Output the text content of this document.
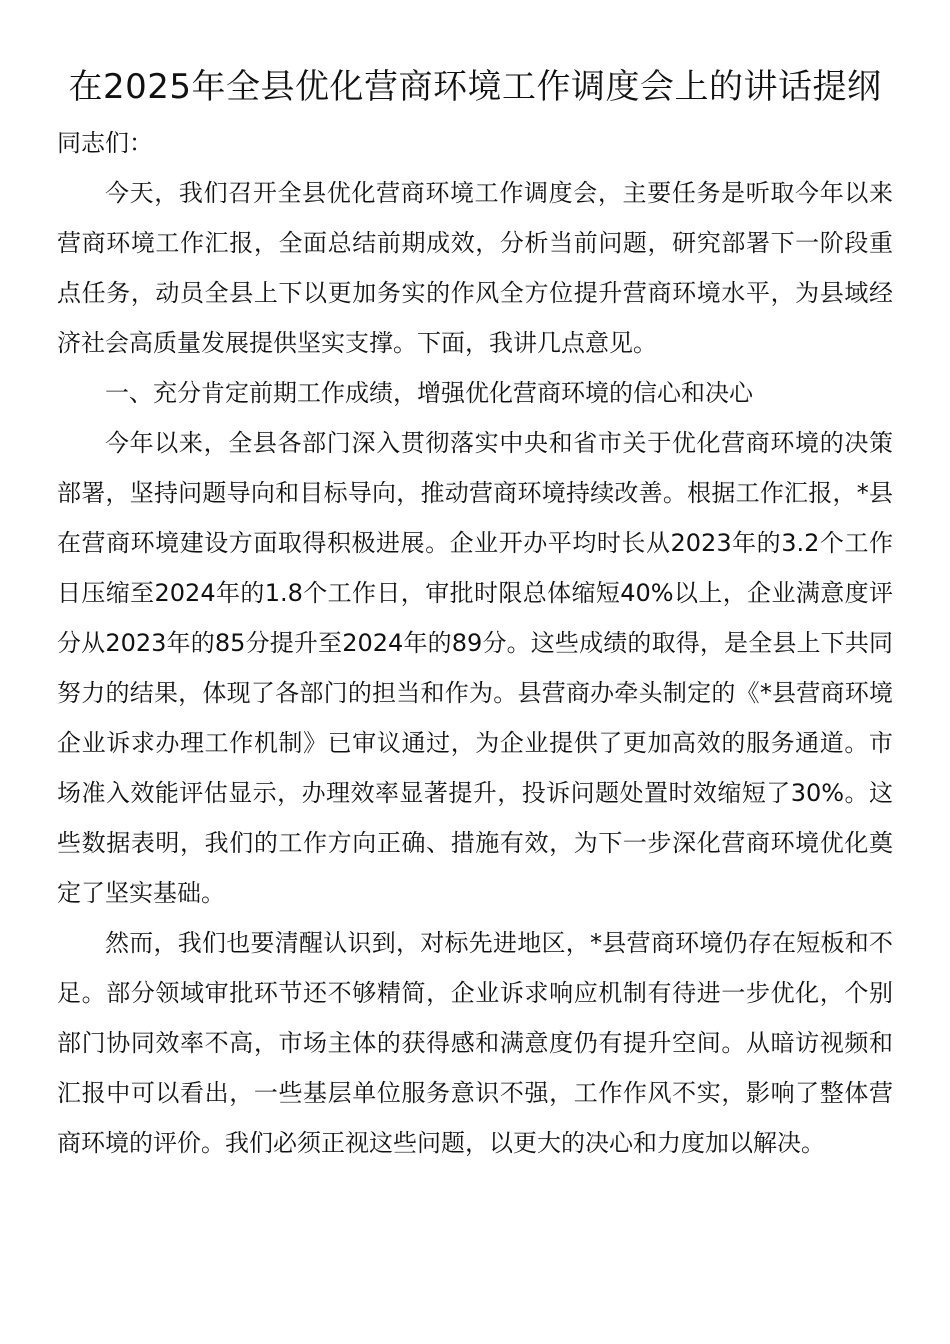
在2025年全县优化营商环境工作调度会上的讲话提纲

同志们：

今天，我们召开全县优化营商环境工作调度会，主要任务是听取今年以来营商环境工作汇报，全面总结前期成效，分析当前问题，研究部署下一阶段重点任务，动员全县上下以更加务实的作风全方位提升营商环境水平，为县域经济社会高质量发展提供坚实支撑。下面，我讲几点意见。

一、充分肯定前期工作成绩，增强优化营商环境的信心和决心

今年以来，全县各部门深入贯彻落实中央和省市关于优化营商环境的决策部署，坚持问题导向和目标导向，推动营商环境持续改善。根据工作汇报，*县在营商环境建设方面取得积极进展。企业开办平均时长从2023年的3.2个工作日压缩至2024年的1.8个工作日，审批时限总体缩短40%以上，企业满意度评分从2023年的85分提升至2024年的89分。这些成绩的取得，是全县上下共同努力的结果，体现了各部门的担当和作为。县营商办牵头制定的《*县营商环境企业诉求办理工作机制》已审议通过，为企业提供了更加高效的服务通道。市场准入效能评估显示，办理效率显著提升，投诉问题处置时效缩短了30%。这些数据表明，我们的工作方向正确、措施有效，为下一步深化营商环境优化奠定了坚实基础。

然而，我们也要清醒认识到，对标先进地区，*县营商环境仍存在短板和不足。部分领域审批环节还不够精简，企业诉求响应机制有待进一步优化，个别部门协同效率不高，市场主体的获得感和满意度仍有提升空间。从暗访视频和汇报中可以看出，一些基层单位服务意识不强，工作作风不实，影响了整体营商环境的评价。我们必须正视这些问题，以更大的决心和力度加以解决。
